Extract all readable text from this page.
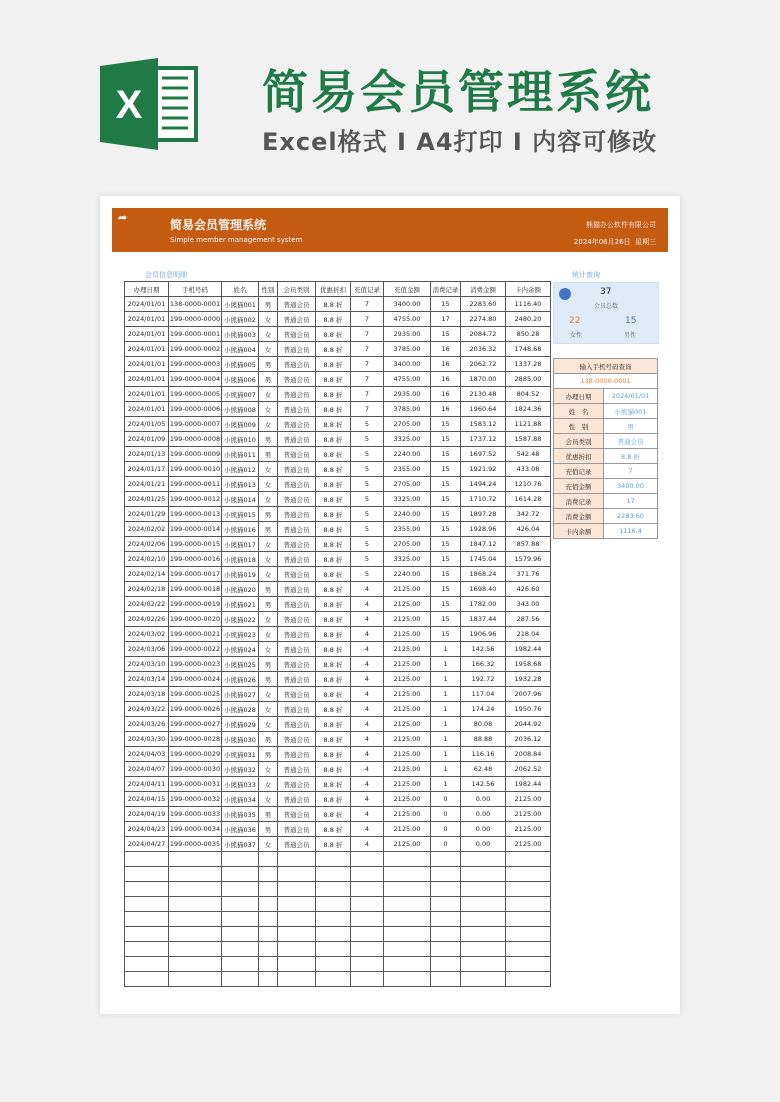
X	简易会员管理系统
Excel格式 I A4打印 I 内容可修改
➦
简易会员管理系统
Simple member management system
熊猫办公软件有限公司
2024年06月26日 星期三
会员信息明细	统计查询
办理日期	手机号码	姓名	性别	会员类别	优惠折扣	充值记录	充值金额	消费记录	消费金额	卡内余额
2024/01/01	138-0000-0001	小熊猫001	男	普通会员	8.8 折	7	3400.00	15	2283.60	1116.40
2024/01/01	199-0000-0000	小熊猫002	女	普通会员	8.8 折	7	4755.00	17	2274.80	2480.20
2024/01/01	199-0000-0001	小熊猫003	女	普通会员	8.8 折	7	2935.00	15	2084.72	850.28
2024/01/01	199-0000-0002	小熊猫004	女	普通会员	8.8 折	7	3785.00	16	2036.32	1748.68
2024/01/01	199-0000-0003	小熊猫005	男	普通会员	8.8 折	7	3400.00	16	2062.72	1337.28
2024/01/01	199-0000-0004	小熊猫006	男	普通会员	8.8 折	7	4755.00	16	1870.00	2885.00
2024/01/01	199-0000-0005	小熊猫007	女	普通会员	8.8 折	7	2935.00	16	2130.48	804.52
2024/01/01	199-0000-0006	小熊猫008	女	普通会员	8.8 折	7	3785.00	16	1960.64	1824.36
2024/01/05	199-0000-0007	小熊猫009	女	普通会员	8.8 折	5	2705.00	15	1583.12	1121.88
2024/01/09	199-0000-0008	小熊猫010	男	普通会员	8.8 折	5	3325.00	15	1737.12	1587.88
2024/01/13	199-0000-0009	小熊猫011	男	普通会员	8.8 折	5	2240.00	15	1697.52	542.48
2024/01/17	199-0000-0010	小熊猫012	女	普通会员	8.8 折	5	2355.00	15	1921.92	433.08
2024/01/21	199-0000-0011	小熊猫013	女	普通会员	8.8 折	5	2705.00	15	1494.24	1210.76
2024/01/25	199-0000-0012	小熊猫014	女	普通会员	8.8 折	5	3325.00	15	1710.72	1614.28
2024/01/29	199-0000-0013	小熊猫015	男	普通会员	8.8 折	5	2240.00	15	1897.28	342.72
2024/02/02	199-0000-0014	小熊猫016	男	普通会员	8.8 折	5	2355.00	15	1928.96	426.04
2024/02/06	199-0000-0015	小熊猫017	女	普通会员	8.8 折	5	2705.00	15	1847.12	857.88
2024/02/10	199-0000-0016	小熊猫018	女	普通会员	8.8 折	5	3325.00	15	1745.04	1579.96
2024/02/14	199-0000-0017	小熊猫019	女	普通会员	8.8 折	5	2240.00	15	1868.24	371.76
2024/02/18	199-0000-0018	小熊猫020	男	普通会员	8.8 折	4	2125.00	15	1698.40	426.60
2024/02/22	199-0000-0019	小熊猫021	男	普通会员	8.8 折	4	2125.00	15	1782.00	343.00
2024/02/26	199-0000-0020	小熊猫022	女	普通会员	8.8 折	4	2125.00	15	1837.44	287.56
2024/03/02	199-0000-0021	小熊猫023	女	普通会员	8.8 折	4	2125.00	15	1906.96	218.04
2024/03/06	199-0000-0022	小熊猫024	女	普通会员	8.8 折	4	2125.00	1	142.56	1982.44
2024/03/10	199-0000-0023	小熊猫025	男	普通会员	8.8 折	4	2125.00	1	166.32	1958.68
2024/03/14	199-0000-0024	小熊猫026	男	普通会员	8.8 折	4	2125.00	1	192.72	1932.28
2024/03/18	199-0000-0025	小熊猫027	女	普通会员	8.8 折	4	2125.00	1	117.04	2007.96
2024/03/22	199-0000-0026	小熊猫028	女	普通会员	8.8 折	4	2125.00	1	174.24	1950.76
2024/03/26	199-0000-0027	小熊猫029	女	普通会员	8.8 折	4	2125.00	1	80.08	2044.92
2024/03/30	199-0000-0028	小熊猫030	男	普通会员	8.8 折	4	2125.00	1	88.88	2036.12
2024/04/03	199-0000-0029	小熊猫031	男	普通会员	8.8 折	4	2125.00	1	116.16	2008.84
2024/04/07	199-0000-0030	小熊猫032	女	普通会员	8.8 折	4	2125.00	1	62.48	2062.52
2024/04/11	199-0000-0031	小熊猫033	女	普通会员	8.8 折	4	2125.00	1	142.56	1982.44
2024/04/15	199-0000-0032	小熊猫034	女	普通会员	8.8 折	4	2125.00	0	0.00	2125.00
2024/04/19	199-0000-0033	小熊猫035	男	普通会员	8.8 折	4	2125.00	0	0.00	2125.00
2024/04/23	199-0000-0034	小熊猫036	男	普通会员	8.8 折	4	2125.00	0	0.00	2125.00
2024/04/27	199-0000-0035	小熊猫037	女	普通会员	8.8 折	4	2125.00	0	0.00	2125.00

37
会员总数
22
女性
15
男性
输入手机号码查询	
138-0000-0001	
办理日期	2024/01/01
姓　名	小熊猫001
性　别	男
会员类别	普通会员
优惠折扣	8.8 折
充值记录	7
充值金额	3400.00
消费记录	17
消费金额	2283.60
卡内余额	1116.4
